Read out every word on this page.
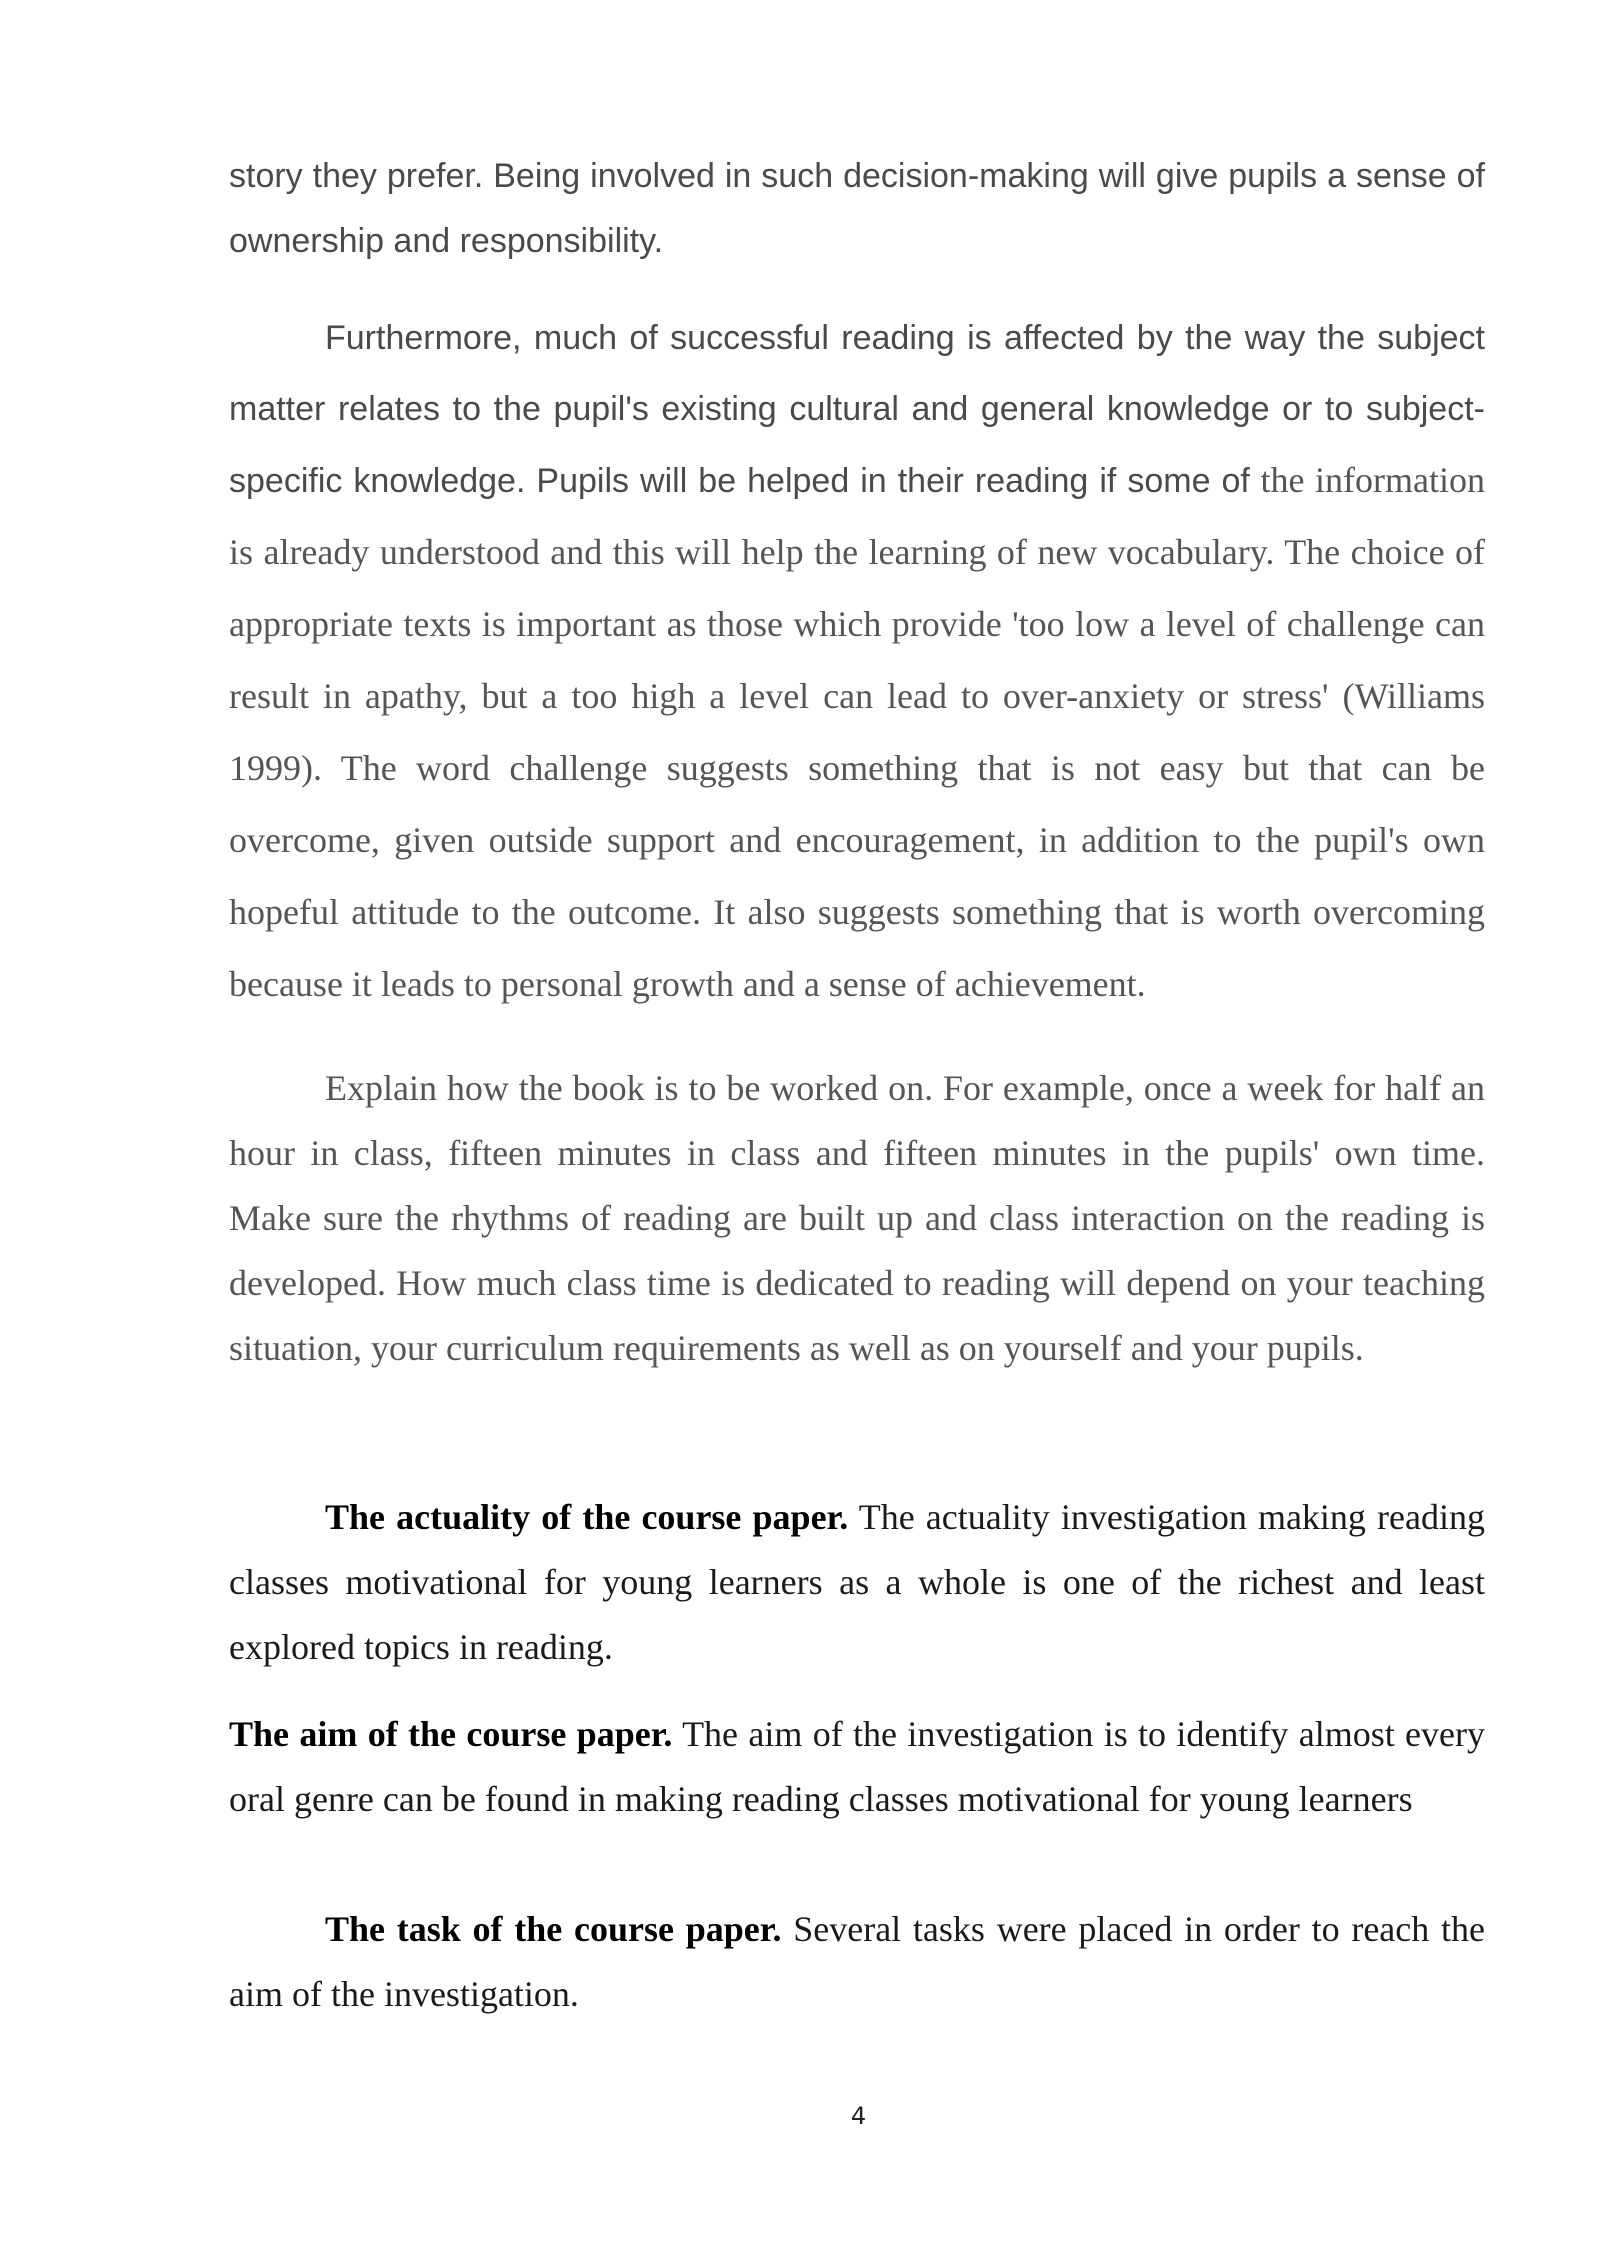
story they prefer. Being involved in such decision-making will give pupils a sense of ownership and responsibility.

Furthermore, much of successful reading is affected by the way the subject matter relates to the pupil's existing cultural and general knowledge or to subject-specific knowledge. Pupils will be helped in their reading if some of the information is already understood and this will help the learning of new vocabulary. The choice of appropriate texts is important as those which provide 'too low a level of challenge can result in apathy, but a too high a level can lead to over-anxiety or stress' (Williams 1999). The word challenge suggests something that is not easy but that can be overcome, given outside support and encouragement, in addition to the pupil's own hopeful attitude to the outcome. It also suggests something that is worth overcoming because it leads to personal growth and a sense of achievement.

Explain how the book is to be worked on. For example, once a week for half an hour in class, fifteen minutes in class and fifteen minutes in the pupils' own time. Make sure the rhythms of reading are built up and class interaction on the reading is developed. How much class time is dedicated to reading will depend on your teaching situation, your curriculum requirements as well as on yourself and your pupils.

The actuality of the course paper. The actuality investigation making reading classes motivational for young learners as a whole is one of the richest and least explored topics in reading.

The aim of the course paper. The aim of the investigation is to identify almost every oral genre can be found in making reading classes motivational for young learners

The task of the course paper. Several tasks were placed in order to reach the aim of the investigation.

4
